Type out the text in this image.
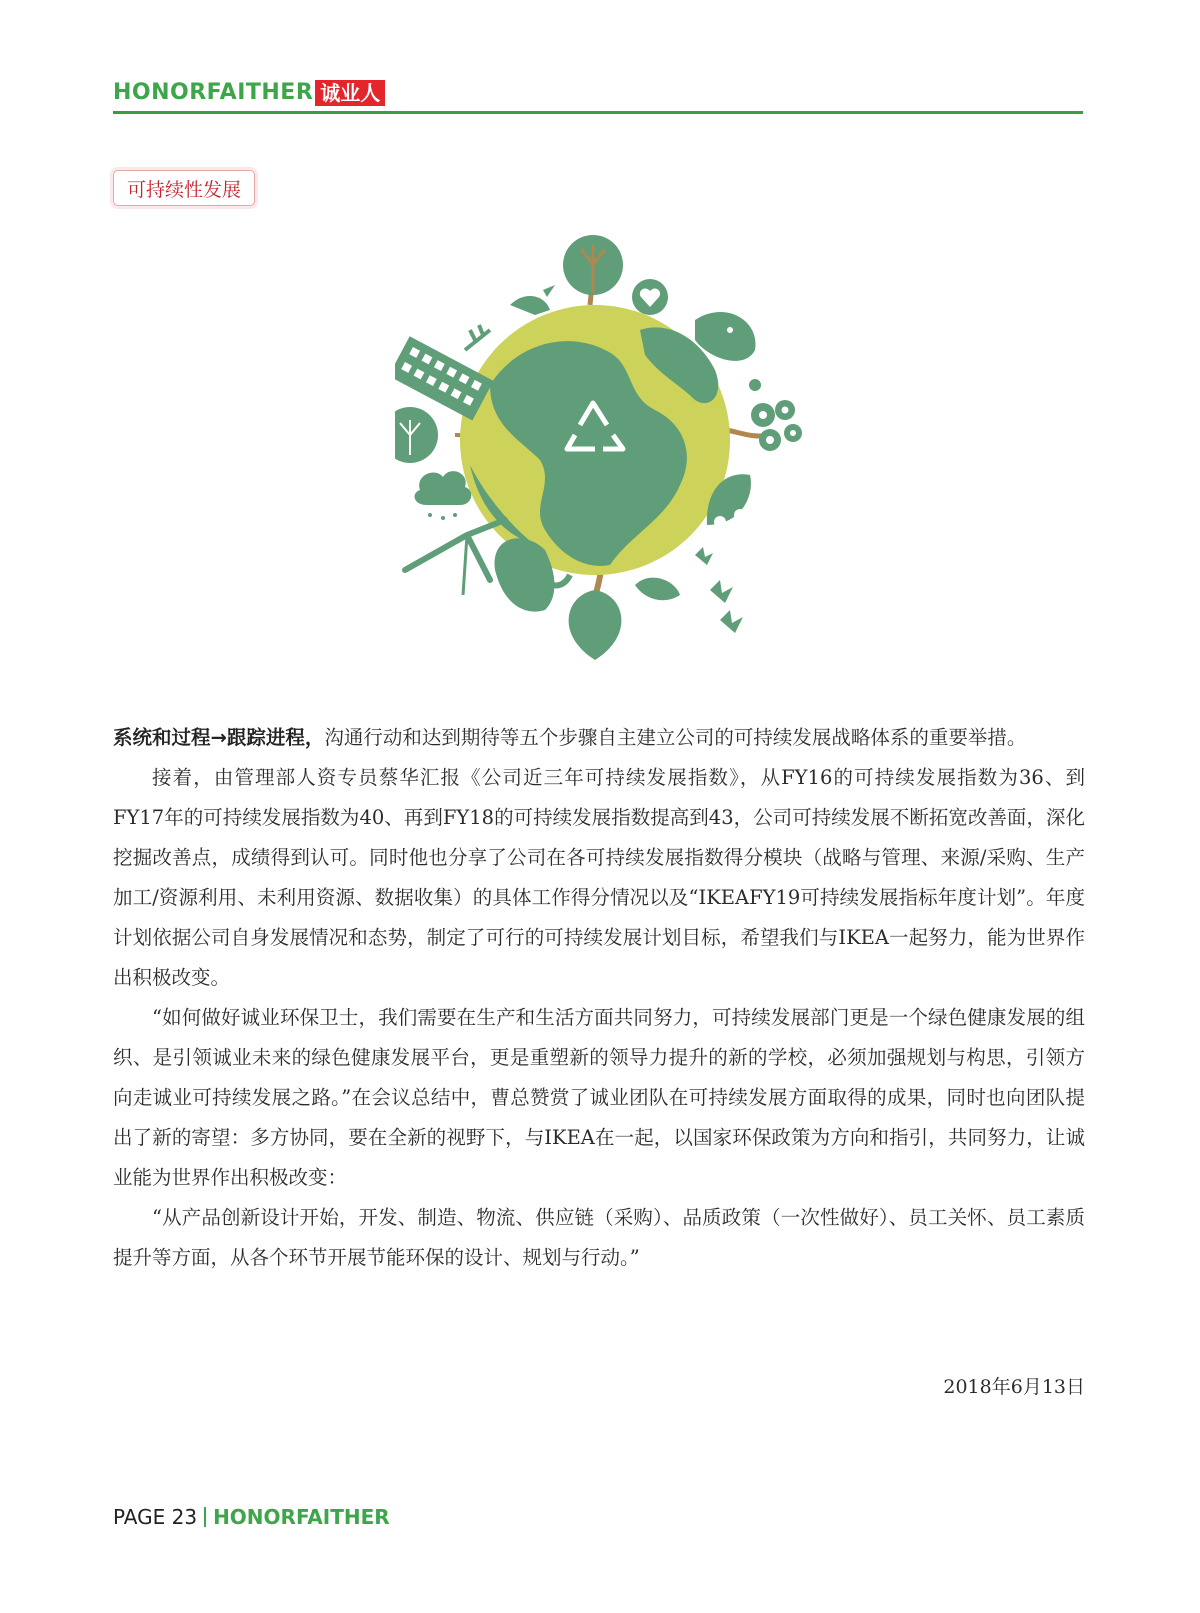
HONORFAITHER 诚业人
可持续性发展

系统和过程→跟踪进程，沟通行动和达到期待等五个步骤自主建立公司的可持续发展战略体系的重要举措。

接着，由管理部人资专员蔡华汇报《公司近三年可持续发展指数》，从FY16的可持续发展指数为36、到FY17年的可持续发展指数为40、再到FY18的可持续发展指数提高到43，公司可持续发展不断拓宽改善面，深化挖掘改善点，成绩得到认可。同时他也分享了公司在各可持续发展指数得分模块（战略与管理、来源/采购、生产加工/资源利用、未利用资源、数据收集）的具体工作得分情况以及“IKEAFY19可持续发展指标年度计划”。年度计划依据公司自身发展情况和态势，制定了可行的可持续发展计划目标，希望我们与IKEA一起努力，能为世界作出积极改变。

“如何做好诚业环保卫士，我们需要在生产和生活方面共同努力，可持续发展部门更是一个绿色健康发展的组织、是引领诚业未来的绿色健康发展平台，更是重塑新的领导力提升的新的学校，必须加强规划与构思，引领方向走诚业可持续发展之路。”在会议总结中，曹总赞赏了诚业团队在可持续发展方面取得的成果，同时也向团队提出了新的寄望：多方协同，要在全新的视野下，与IKEA在一起，以国家环保政策为方向和指引，共同努力，让诚业能为世界作出积极改变：

“从产品创新设计开始，开发、制造、物流、供应链（采购）、品质政策（一次性做好）、员工关怀、员工素质提升等方面，从各个环节开展节能环保的设计、规划与行动。”

2018年6月13日
PAGE 23 HONORFAITHER
